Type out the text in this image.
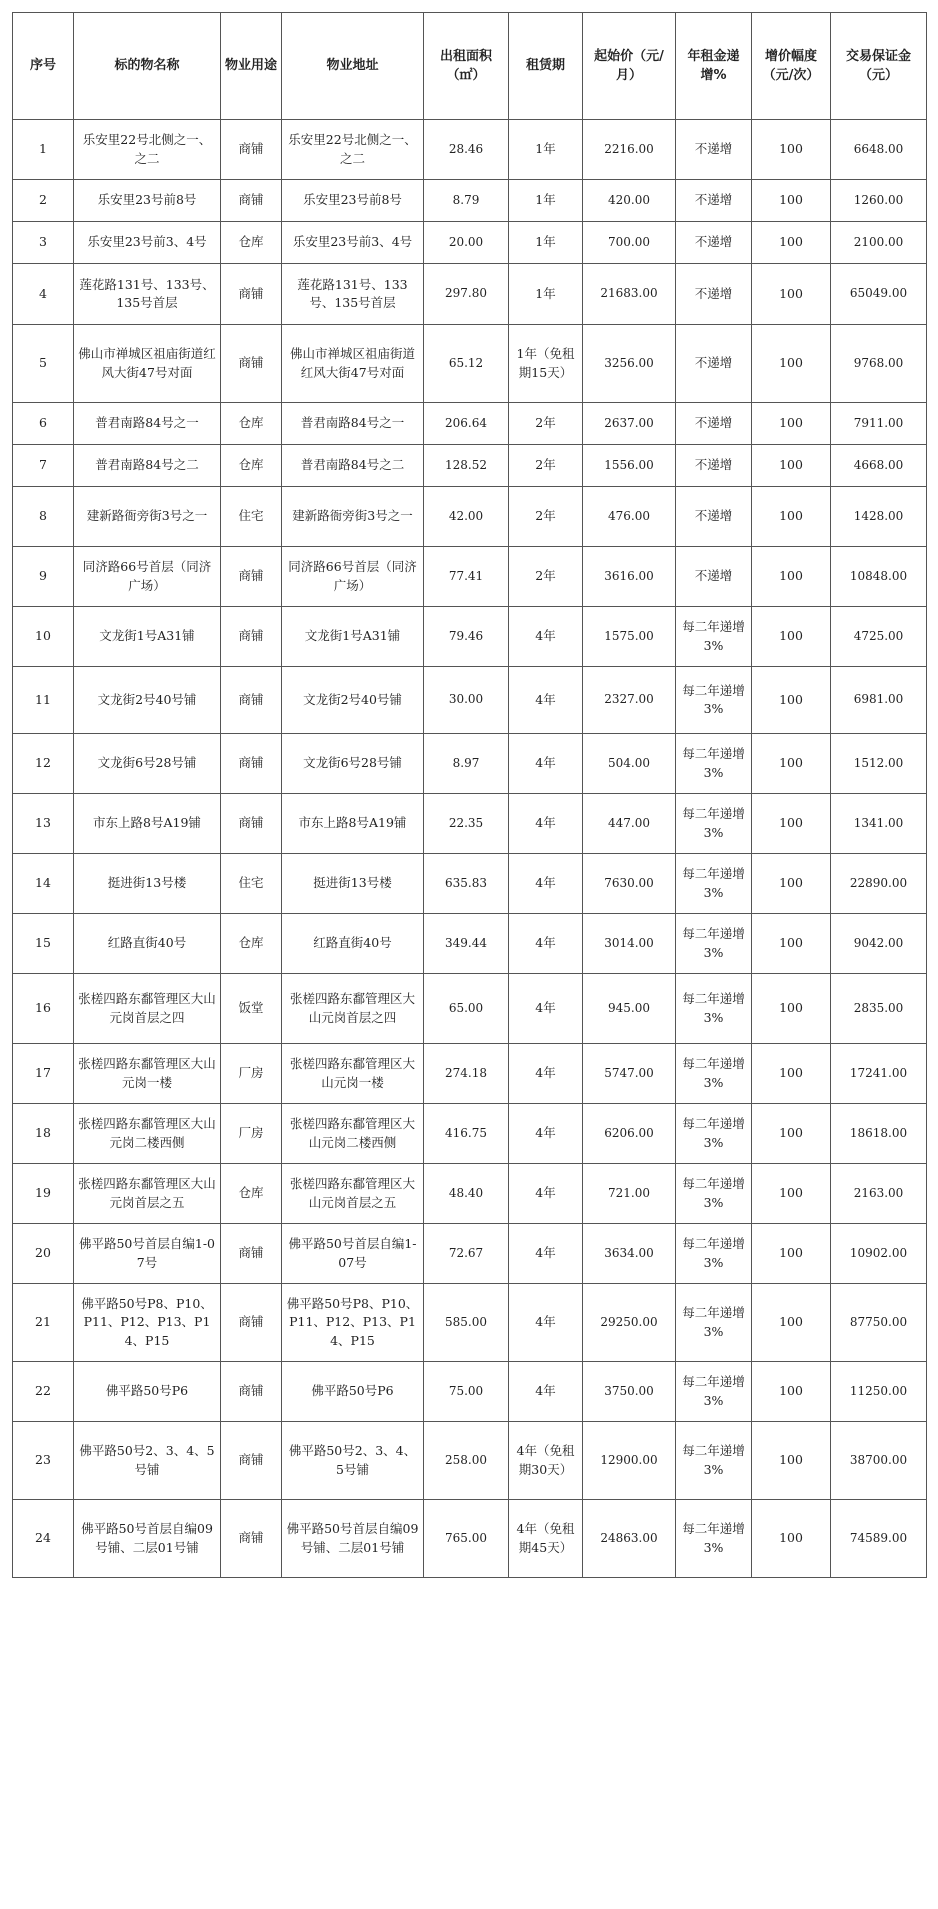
序号	标的物名称	物业用途	物业地址	出租面积（㎡）	租赁期	起始价（元/月）	年租金递增%	增价幅度（元/次）	交易保证金（元）
1	乐安里22号北侧之一、之二	商铺	乐安里22号北侧之一、之二	28.46	1年	2216.00	不递增	100	6648.00
2	乐安里23号前8号	商铺	乐安里23号前8号	8.79	1年	420.00	不递增	100	1260.00
3	乐安里23号前3、4号	仓库	乐安里23号前3、4号	20.00	1年	700.00	不递增	100	2100.00
4	莲花路131号、133号、135号首层	商铺	莲花路131号、133号、135号首层	297.80	1年	21683.00	不递增	100	65049.00
5	佛山市禅城区祖庙街道红风大街47号对面	商铺	佛山市禅城区祖庙街道红风大街47号对面	65.12	1年（免租期15天）	3256.00	不递增	100	9768.00
6	普君南路84号之一	仓库	普君南路84号之一	206.64	2年	2637.00	不递增	100	7911.00
7	普君南路84号之二	仓库	普君南路84号之二	128.52	2年	1556.00	不递增	100	4668.00
8	建新路衙旁街3号之一	住宅	建新路衙旁街3号之一	42.00	2年	476.00	不递增	100	1428.00
9	同济路66号首层（同济广场）	商铺	同济路66号首层（同济广场）	77.41	2年	3616.00	不递增	100	10848.00
10	文龙街1号A31铺	商铺	文龙街1号A31铺	79.46	4年	1575.00	每二年递增3%	100	4725.00
11	文龙街2号40号铺	商铺	文龙街2号40号铺	30.00	4年	2327.00	每二年递增3%	100	6981.00
12	文龙街6号28号铺	商铺	文龙街6号28号铺	8.97	4年	504.00	每二年递增3%	100	1512.00
13	市东上路8号A19铺	商铺	市东上路8号A19铺	22.35	4年	447.00	每二年递增3%	100	1341.00
14	挺进街13号楼	住宅	挺进街13号楼	635.83	4年	7630.00	每二年递增3%	100	22890.00
15	红路直街40号	仓库	红路直街40号	349.44	4年	3014.00	每二年递增3%	100	9042.00
16	张槎四路东鄱管理区大山元岗首层之四	饭堂	张槎四路东鄱管理区大山元岗首层之四	65.00	4年	945.00	每二年递增3%	100	2835.00
17	张槎四路东鄱管理区大山元岗一楼	厂房	张槎四路东鄱管理区大山元岗一楼	274.18	4年	5747.00	每二年递增3%	100	17241.00
18	张槎四路东鄱管理区大山元岗二楼西侧	厂房	张槎四路东鄱管理区大山元岗二楼西侧	416.75	4年	6206.00	每二年递增3%	100	18618.00
19	张槎四路东鄱管理区大山元岗首层之五	仓库	张槎四路东鄱管理区大山元岗首层之五	48.40	4年	721.00	每二年递增3%	100	2163.00
20	佛平路50号首层自编1-07号	商铺	佛平路50号首层自编1-07号	72.67	4年	3634.00	每二年递增3%	100	10902.00
21	佛平路50号P8、P10、P11、P12、P13、P14、P15	商铺	佛平路50号P8、P10、P11、P12、P13、P14、P15	585.00	4年	29250.00	每二年递增3%	100	87750.00
22	佛平路50号P6	商铺	佛平路50号P6	75.00	4年	3750.00	每二年递增3%	100	11250.00
23	佛平路50号2、3、4、5号铺	商铺	佛平路50号2、3、4、5号铺	258.00	4年（免租期30天）	12900.00	每二年递增3%	100	38700.00
24	佛平路50号首层自编09号铺、二层01号铺	商铺	佛平路50号首层自编09号铺、二层01号铺	765.00	4年（免租期45天）	24863.00	每二年递增3%	100	74589.00
